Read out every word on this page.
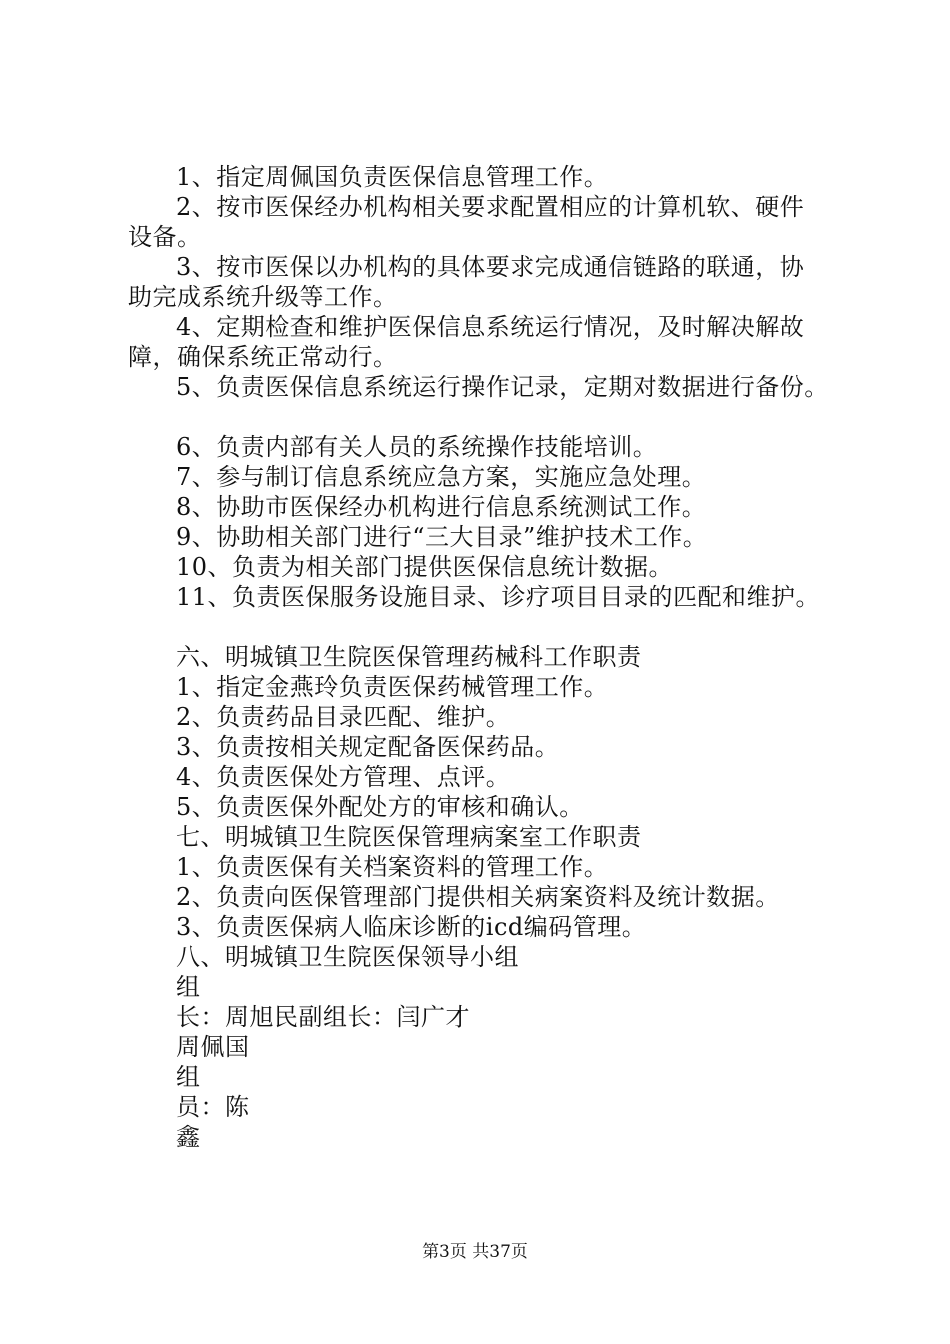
1、指定周佩国负责医保信息管理工作。
2、按市医保经办机构相关要求配置相应的计算机软、硬件
设备。
3、按市医保以办机构的具体要求完成通信链路的联通，协
助完成系统升级等工作。
4、定期检查和维护医保信息系统运行情况，及时解决解故
障，确保系统正常动行。
5、负责医保信息系统运行操作记录，定期对数据进行备份。
6、负责内部有关人员的系统操作技能培训。
7、参与制订信息系统应急方案，实施应急处理。
8、协助市医保经办机构进行信息系统测试工作。
9、协助相关部门进行“三大目录”维护技术工作。
10、负责为相关部门提供医保信息统计数据。
11、负责医保服务设施目录、诊疗项目目录的匹配和维护。
六、明城镇卫生院医保管理药械科工作职责
1、指定金燕玲负责医保药械管理工作。
2、负责药品目录匹配、维护。
3、负责按相关规定配备医保药品。
4、负责医保处方管理、点评。
5、负责医保外配处方的审核和确认。
七、明城镇卫生院医保管理病案室工作职责
1、负责医保有关档案资料的管理工作。
2、负责向医保管理部门提供相关病案资料及统计数据。
3、负责医保病人临床诊断的icd编码管理。
八、明城镇卫生院医保领导小组
组
长：周旭民副组长：闫广才
周佩国
组
员：陈
鑫
第3页 共37页
